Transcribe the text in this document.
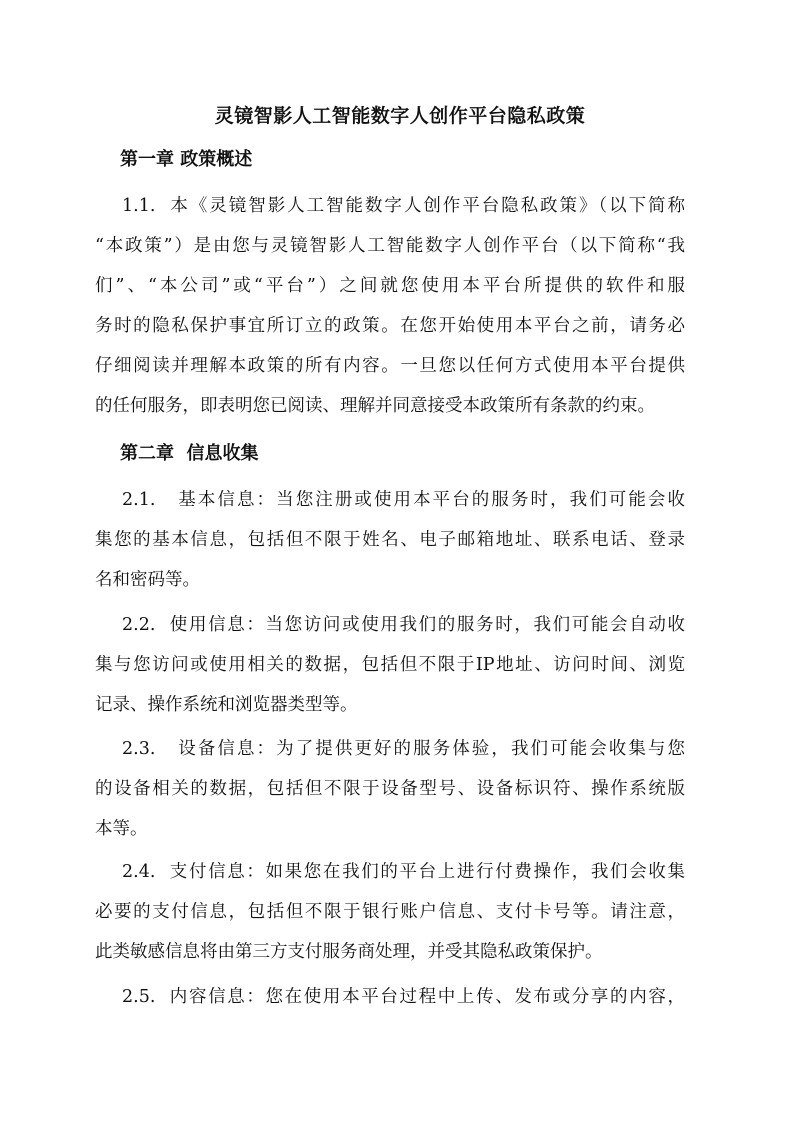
灵镜智影人工智能数字人创作平台隐私政策
第一章 政策概述
1.1.  本《灵镜智影人工智能数字人创作平台隐私政策》（以下简称
“本政策”）是由您与灵镜智影人工智能数字人创作平台（以下简称“我
们”、“本公司”或“平台”）之间就您使用本平台所提供的软件和服
务时的隐私保护事宜所订立的政策。在您开始使用本平台之前，请务必
仔细阅读并理解本政策的所有内容。一旦您以任何方式使用本平台提供
的任何服务，即表明您已阅读、理解并同意接受本政策所有条款的约束。
第二章  信息收集
2.1.   基本信息：当您注册或使用本平台的服务时，我们可能会收
集您的基本信息，包括但不限于姓名、电子邮箱地址、联系电话、登录
名和密码等。
2.2.  使用信息：当您访问或使用我们的服务时，我们可能会自动收
集与您访问或使用相关的数据，包括但不限于IP地址、访问时间、浏览
记录、操作系统和浏览器类型等。
2.3.   设备信息：为了提供更好的服务体验，我们可能会收集与您
的设备相关的数据，包括但不限于设备型号、设备标识符、操作系统版
本等。
2.4.  支付信息：如果您在我们的平台上进行付费操作，我们会收集
必要的支付信息，包括但不限于银行账户信息、支付卡号等。请注意，
此类敏感信息将由第三方支付服务商处理，并受其隐私政策保护。
2.5.  内容信息：您在使用本平台过程中上传、发布或分享的内容，
